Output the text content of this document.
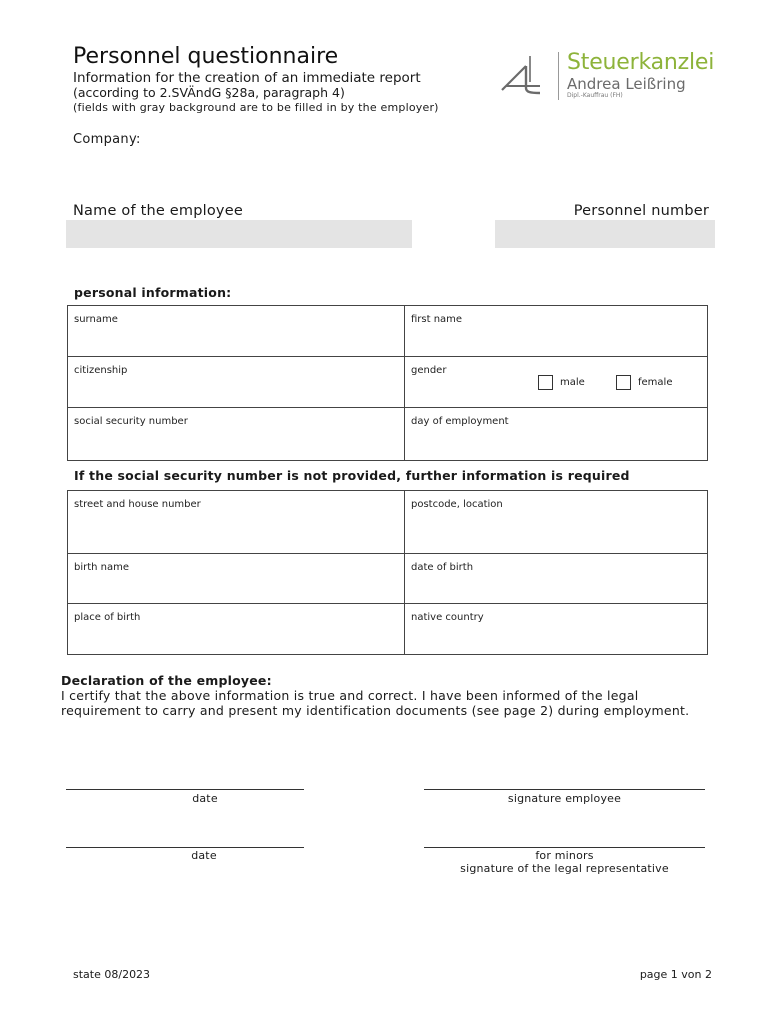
Personnel questionnaire
Information for the creation of an immediate report
(according to 2.SVÄndG §28a, paragraph 4)
(fields with gray background are to be filled in by the employer)
Steuerkanzlei
Andrea Leißring
Dipl.-Kauffrau (FH)
Company:
Name of the employee	Personnel number
personal information:
surname	first name
citizenship	gender
male female

social security number	day of employment
If the social security number is not provided, further information is required
street and house number	postcode, location
birth name	date of birth
place of birth	native country
Declaration of the employee:
I certify that the above information is true and correct. I have been informed of the legal requirement to carry and present my identification documents (see page 2) during employment.
date	signature employee
date	for minors
signature of the legal representative
state 08/2023	page 1 von 2
